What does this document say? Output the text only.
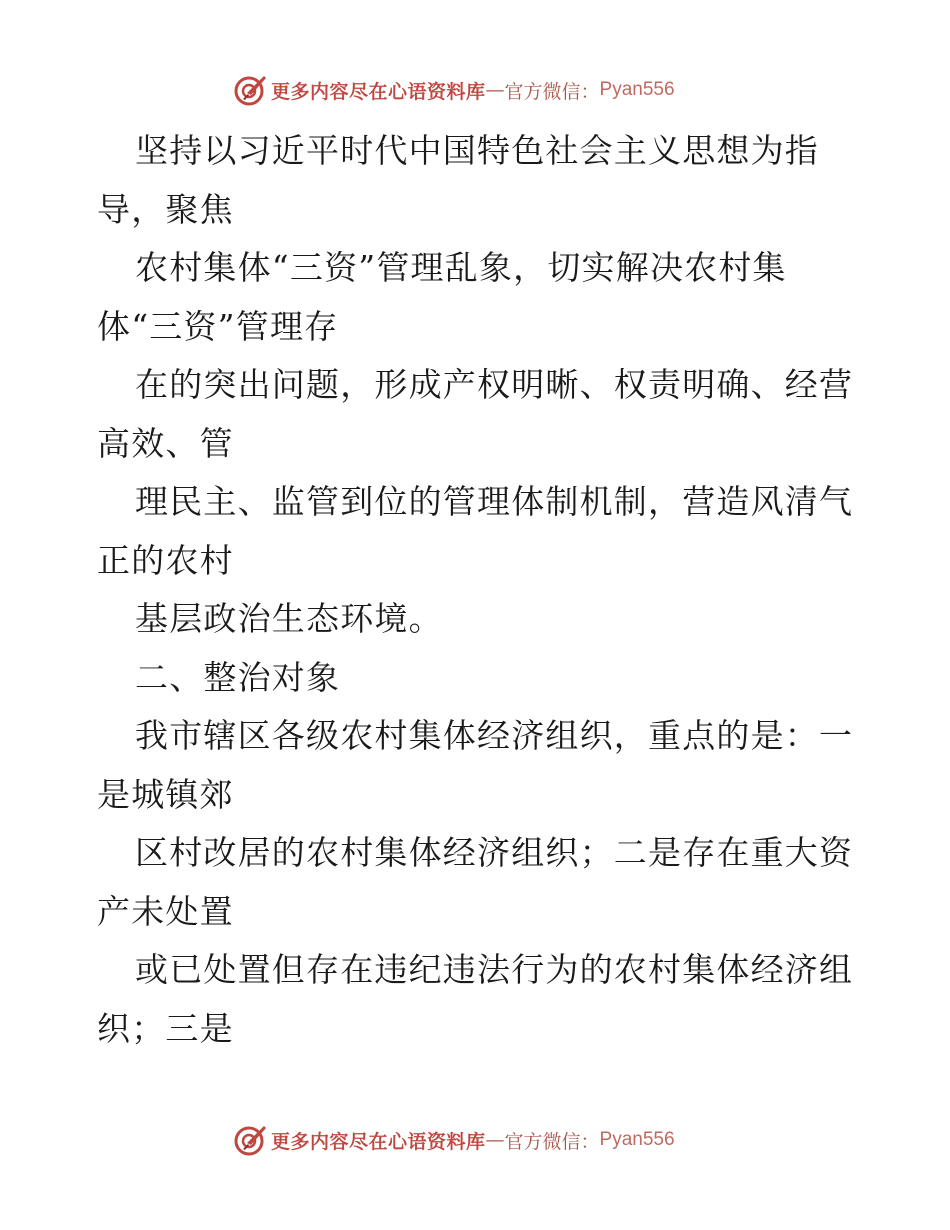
更多内容尽在心语资料库 — 官方微信： Pyan556
坚持以习近平时代中国特色社会主义思想为指
导，聚焦
农村集体“三资”管理乱象，切实解决农村集
体“三资”管理存
在的突出问题，形成产权明晰、权责明确、经营
高效、管
理民主、监管到位的管理体制机制，营造风清气
正的农村
基层政治生态环境。
二、整治对象
我市辖区各级农村集体经济组织，重点的是：一
是城镇郊
区村改居的农村集体经济组织；二是存在重大资
产未处置
或已处置但存在违纪违法行为的农村集体经济组
织；三是
更多内容尽在心语资料库 — 官方微信： Pyan556
